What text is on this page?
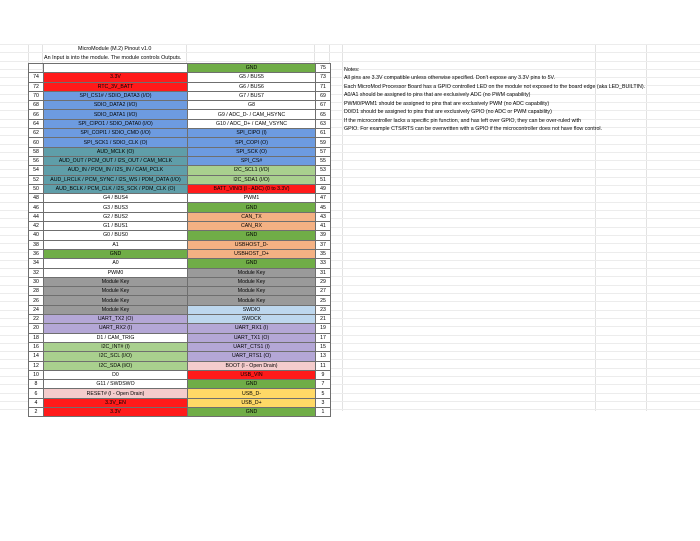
MicroModule (M.2) Pinout v1.0
An Input is into the module. The module controls Outputs.
		GND	75
74	3.3V	G5 / BUS5	73
72	RTC_3V_BATT	G6 / BUS6	71
70	SPI_CS1# / SDIO_DATA3 (I/O)	G7 / BUS7	69
68	SDIO_DATA2 (I/O)	G8	67
66	SDIO_DATA1 (I/O)	G9 / ADC_D- / CAM_HSYNC	65
64	SPI_CIPO1 / SDIO_DATA0 (I/O)	G10 / ADC_D+ / CAM_VSYNC	63
62	SPI_COPI1 / SDIO_CMD (I/O)	SPI_CIPO (I)	61
60	SPI_SCK1 / SDIO_CLK (O)	SPI_COPI (O)	59
58	AUD_MCLK (O)	SPI_SCK (O)	57
56	AUD_OUT / PCM_OUT / I2S_OUT / CAM_MCLK	SPI_CS#	55
54	AUD_IN / PCM_IN / I2S_IN / CAM_PCLK	I2C_SCL1 (I/O)	53
52	AUD_LRCLK / PCM_SYNC / I2S_WS / PDM_DATA (I/O)	I2C_SDA1 (I/O)	51
50	AUD_BCLK / PCM_CLK / I2S_SCK / PDM_CLK (O)	BATT_VIN/3 (I - ADC) (0 to 3.3V)	49
48	G4 / BUS4	PWM1	47
46	G3 / BUS3	GND	45
44	G2 / BUS2	CAN_TX	43
42	G1 / BUS1	CAN_RX	41
40	G0 / BUS0	GND	39
38	A1	USBHOST_D-	37
36	GND	USBHOST_D+	35
34	A0	GND	33
32	PWM0	Module Key	31
30	Module Key	Module Key	29
28	Module Key	Module Key	27
26	Module Key	Module Key	25
24	Module Key	SWDIO	23
22	UART_TX2 (O)	SWDCK	21
20	UART_RX2 (I)	UART_RX1 (I)	19
18	D1 / CAM_TRIG	UART_TX1 (O)	17
16	I2C_INT# (I)	UART_CTS1 (I)	15
14	I2C_SCL (I/O)	UART_RTS1 (O)	13
12	I2C_SDA (I/O)	BOOT (I - Open Drain)	11
10	D0	USB_VIN	9
8	G11 / SWDSWO	GND	7
6	RESET# (I - Open Drain)	USB_D-	5
4	3.3V_EN	USB_D+	3
2	3.3V	GND	1
Notes:
All pins are 3.3V compatible unless otherwise specified. Don't expose any 3.3V pins to 5V.
Each MicroMod Processor Board has a GPIO controlled LED on the module not exposed to the board edge (aka LED_BUILTIN).
A0/A1 should be assigned to pins that are exclusively ADC (no PWM capability)
PWM0/PWM1 should be assigned to pins that are exclusively PWM (no ADC capability)
D0/D1 should be assigned to pins that are exclusively GPIO (no ADC or PWM capability)
If the microcontroller lacks a specific pin function, and has left over GPIO, they can be over-ruled with
GPIO. For example CTS/RTS can be overwritten with a GPIO if the microcontroller does not have flow control.
